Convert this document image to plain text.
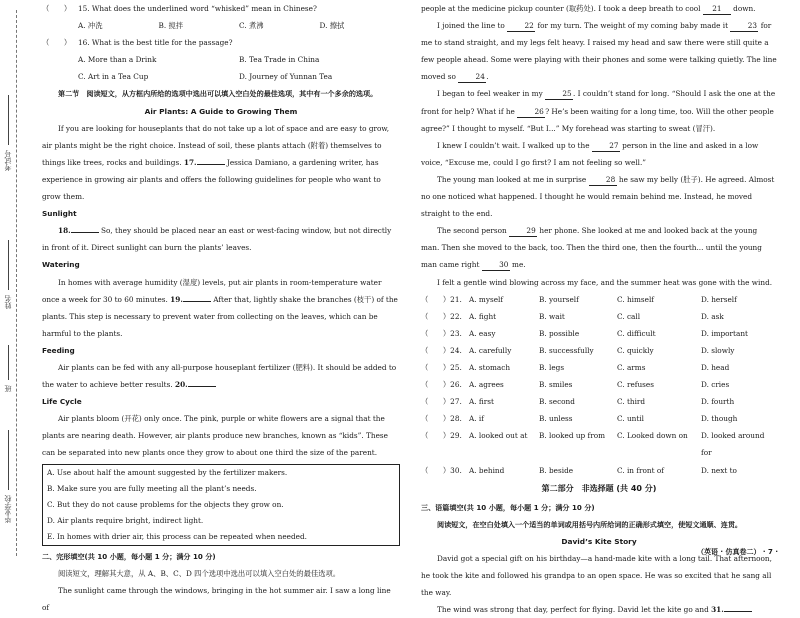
考试号
姓名
班
毕业学校
（　　） 15. What does the underlined word “whisked” mean in Chinese?
A. 冲洗	B. 搅拌	C. 煮沸	D. 擦拭
（　　） 16. What is the best title for the passage?
A. More than a Drink	B. Tea Trade in China
C. Art in a Tea Cup	D. Journey of Yunnan Tea

第二节　阅读短文，从方框内所给的选项中选出可以填入空白处的最佳选项，其中有一个多余的选项。

Air Plants: A Guide to Growing Them

If you are looking for houseplants that do not take up a lot of space and are easy to grow, air plants might be the right choice. Instead of soil, these plants attach (附着) themselves to things like trees, rocks and buildings. 17.	Jessica Damiano, a gardening writer, has experience in growing air plants and offers the following guidelines for people who want to grow them.

Sunlight

18.	So, they should be placed near an east or west-facing window, but not directly in front of it. Direct sunlight can burn the plants’ leaves.

Watering

In homes with average humidity (湿度) levels, put air plants in room-temperature water once a week for 30 to 60 minutes. 19.	After that, lightly shake the branches (枝干) of the plants. This step is necessary to prevent water from collecting on the leaves, which can be harmful to the plants.

Feeding

Air plants can be fed with any all-purpose houseplant fertilizer (肥料). It should be added to the water to achieve better results. 20.

Life Cycle

Air plants bloom (开花) only once. The pink, purple or white flowers are a signal that the plants are nearing death. However, air plants produce new branches, known as “kids”. These can be separated into new plants once they grow to about one third the size of the parent.

A. Use about half the amount suggested by the fertilizer makers.

B. Make sure you are fully meeting all the plant’s needs.

C. But they do not cause problems for the objects they grow on.

D. Air plants require bright, indirect light.

E. In homes with drier air, this process can be repeated when needed.

二、完形填空(共 10 小题，每小题 1 分；满分 10 分)

阅读短文，理解其大意，从 A、B、C、D 四个选项中选出可以填入空白处的最佳选项。

The sunlight came through the windows, bringing in the hot summer air. I saw a long line of

people at the medicine pickup counter (取药处). I took a deep breath to cool 21 down.

I joined the line to 22 for my turn. The weight of my coming baby made it 23 for me to stand straight, and my legs felt heavy. I raised my head and saw there were still quite a few people ahead. Some were playing with their phones and some were talking quietly. The line moved so 24.

I began to feel weaker in my 25. I couldn’t stand for long. “Should I ask the one at the front for help? What if he 26? He’s been waiting for a long time, too. Will the other people agree?” I thought to myself. “But I...” My forehead was starting to sweat (冒汗).

I knew I couldn’t wait. I walked up to the 27 person in the line and asked in a low voice, “Excuse me, could I go first? I am not feeling so well.”

The young man looked at me in surprise 28 he saw my belly (肚子). He agreed. Almost no one noticed what happened. I thought he would remain behind me. Instead, he moved straight to the end.

The second person 29 her phone. She looked at me and looked back at the young man. Then she moved to the back, too. Then the third one, then the fourth... until the young man came right 30 me.

I felt a gentle wind blowing across my face, and the summer heat was gone with the wind.

（　　）21. A. myself	B. yourself	C. himself	D. herself
（　　）22. A. fight	B. wait	C. call	D. ask
（　　）23. A. easy	B. possible	C. difficult	D. important
（　　）24. A. carefully	B. successfully	C. quickly	D. slowly
（　　）25. A. stomach	B. legs	C. arms	D. head
（　　）26. A. agrees	B. smiles	C. refuses	D. cries
（　　）27. A. first	B. second	C. third	D. fourth
（　　）28. A. if	B. unless	C. until	D. though
（　　）29. A. looked out at	B. looked up from	C. Looked down on	D. looked around for
（　　）30. A. behind	B. beside	C. in front of	D. next to

第二部分　非选择题 (共 40 分)

三、语篇填空(共 10 小题，每小题 1 分；满分 10 分)

阅读短文，在空白处填入一个适当的单词或用括号内所给词的正确形式填空，使短文通顺、连贯。

David’s Kite Story

David got a special gift on his birthday—a hand-made kite with a long tail. That afternoon, he took the kite and followed his grandpa to an open space. He was so excited that he sang all the way.

The wind was strong that day, perfect for flying. David let the kite go and 31.

（英语 · 仿真卷二） · 7 ·
